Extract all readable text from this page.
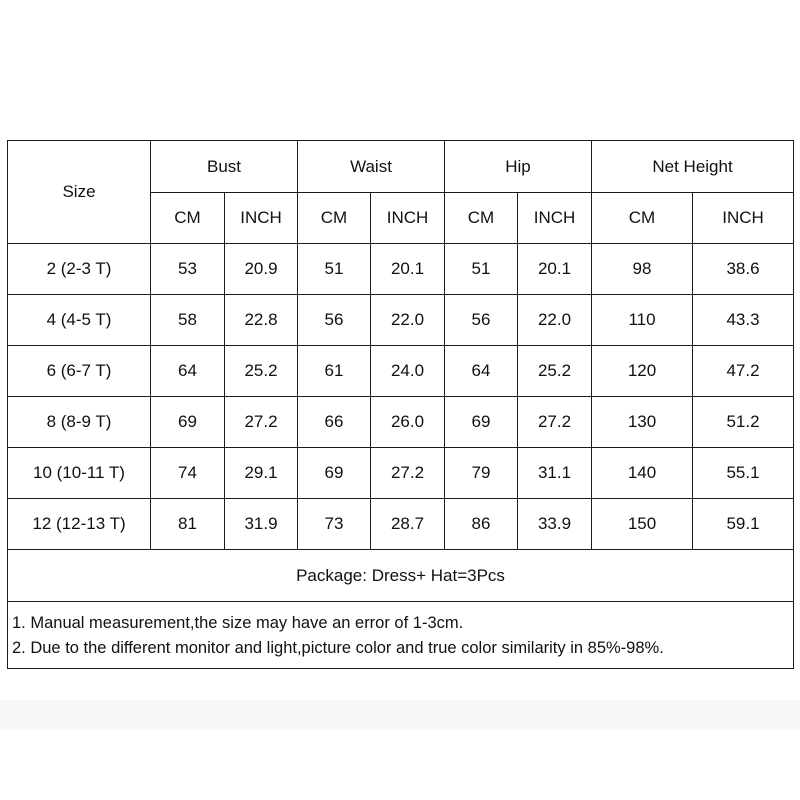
Size	Bust		Waist		Hip		Net Height	
	CM	INCH	CM	INCH	CM	INCH	CM	INCH
2 (2-3 T)	53	20.9	51	20.1	51	20.1	98	38.6
4 (4-5 T)	58	22.8	56	22.0	56	22.0	110	43.3
6 (6-7 T)	64	25.2	61	24.0	64	25.2	120	47.2
8 (8-9 T)	69	27.2	66	26.0	69	27.2	130	51.2
10 (10-11 T)	74	29.1	69	27.2	79	31.1	140	55.1
12 (12-13 T)	81	31.9	73	28.7	86	33.9	150	59.1
Package: Dress+ Hat=3Pcs								

1. Manual measurement,the size may have an error of 1-3cm.
2. Due to the different monitor and light,picture color and true color similarity in 85%-98%.								
